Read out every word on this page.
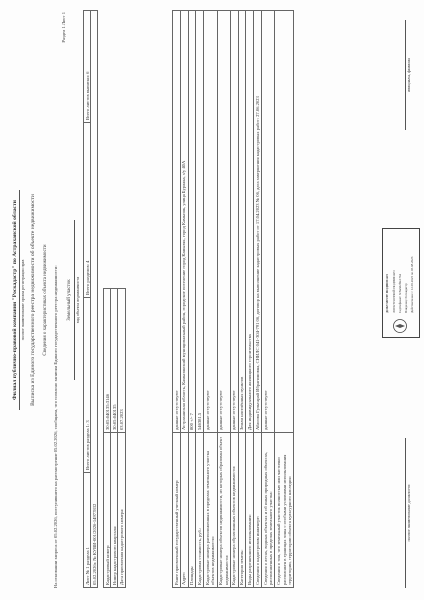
Филиал публично-правовой компании "Роскадастр" по Астраханской области полное наименование органа регистрации прав Выписка из Единого государственного реестра недвижимости об объекте недвижимости Сведения о характеристиках объекта недвижимости На основании запроса от 05.02.2026, поступившего на рассмотрение 05.02.2026, сообщаем, что согласно записям Единого государственного реестра недвижимости:
Раздел 1 Лист 1
Земельный участок вид объекта недвижимости
Лист № 1 раздела 1	Всего листов раздела 1: 3	Всего разделов: 4	Всего листов выписки: 6
05.02.2026г. № КУВИ-001/2026-14977832 Кадастровый номер:	30:05:040135:3146
Номер кадастрового квартала:	30:05:040135
Дата присвоения кадастрового номера:	03.07.2023
Ранее присвоенный государственный учетный номер:	данные отсутствуют
Адрес:	Астраханская область, Камызякский муниципальный район, городское поселение город Камызяк, город Камызяк, улица Бурлака, з/у 40А
Площадь:	800 +/- 7
Кадастровая стоимость, руб.:	546381.5
Кадастровые номера расположенных в пределах земельного участка объектов недвижимости:	данные отсутствуют
Кадастровые номера объектов недвижимости, из которых образован объект недвижимости:	данные отсутствуют
Кадастровые номера образованных объектов недвижимости:	данные отсутствуют
Категория земель:	Земли населённых пунктов
Виды разрешенного использования:	Для индивидуального жилищного строительства
Сведения о кадастровом инженере:	Абасова Гульсарай Ибрагимовна, СНИЛС 041-304-791 06, договор на выполнение кадастровых работ от 17.04.2023 № 06, дата завершения кадастровых работ: 27.06.2023
Сведения о лесах, водных объектах и об иных природных объектах, расположенных в пределах земельного участка:	данные отсутствуют
Сведения о том, что земельный участок полностью или частично расположен в границах зоны с особыми условиями использования территории, территории объекта культурного наследия:		полное наименование должности
инициалы, фамилия
ДОКУМЕНТ ПОДПИСАН ЭЛЕКТРОННОЙ ПОДПИСЬЮ Сертификат: 6c8a3d2f9e17b4 Владелец: Роскадастр Действителен: с 12.05.2025 по 05.08.2026
